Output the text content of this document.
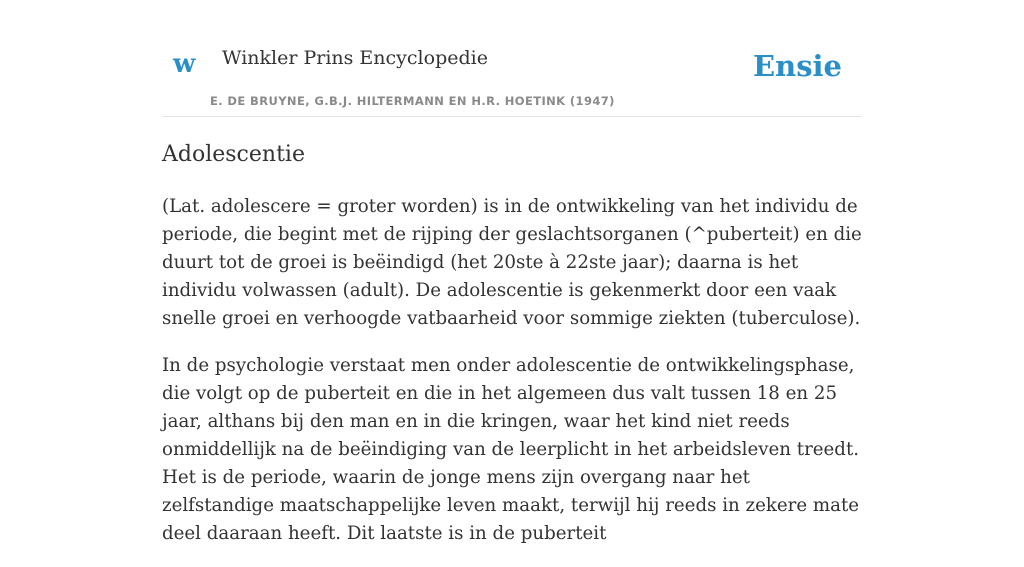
w Winkler Prins Encyclopedie
E. DE BRUYNE, G.B.J. HILTERMANN EN H.R. HOETINK (1947)
Ensie
Adolescentie

(Lat. adolescere = groter worden) is in de ontwikkeling van het individu de periode, die begint met de rijping der geslachtsorganen (^puberteit) en die duurt tot de groei is beëindigd (het 20ste à 22ste jaar); daarna is het individu volwassen (adult). De adolescentie is gekenmerkt door een vaak snelle groei en verhoogde vatbaarheid voor sommige ziekten (tuberculose).

In de psychologie verstaat men onder adolescentie de ontwikkelingsphase, die volgt op de puberteit en die in het algemeen dus valt tussen 18 en 25 jaar, althans bij den man en in die kringen, waar het kind niet reeds onmiddellijk na de beëindiging van de leerplicht in het arbeidsleven treedt. Het is de periode, waarin de jonge mens zijn overgang naar het zelfstandige maatschappelijke leven maakt, terwijl hij reeds in zekere mate deel daaraan heeft. Dit laatste is in de puberteit
